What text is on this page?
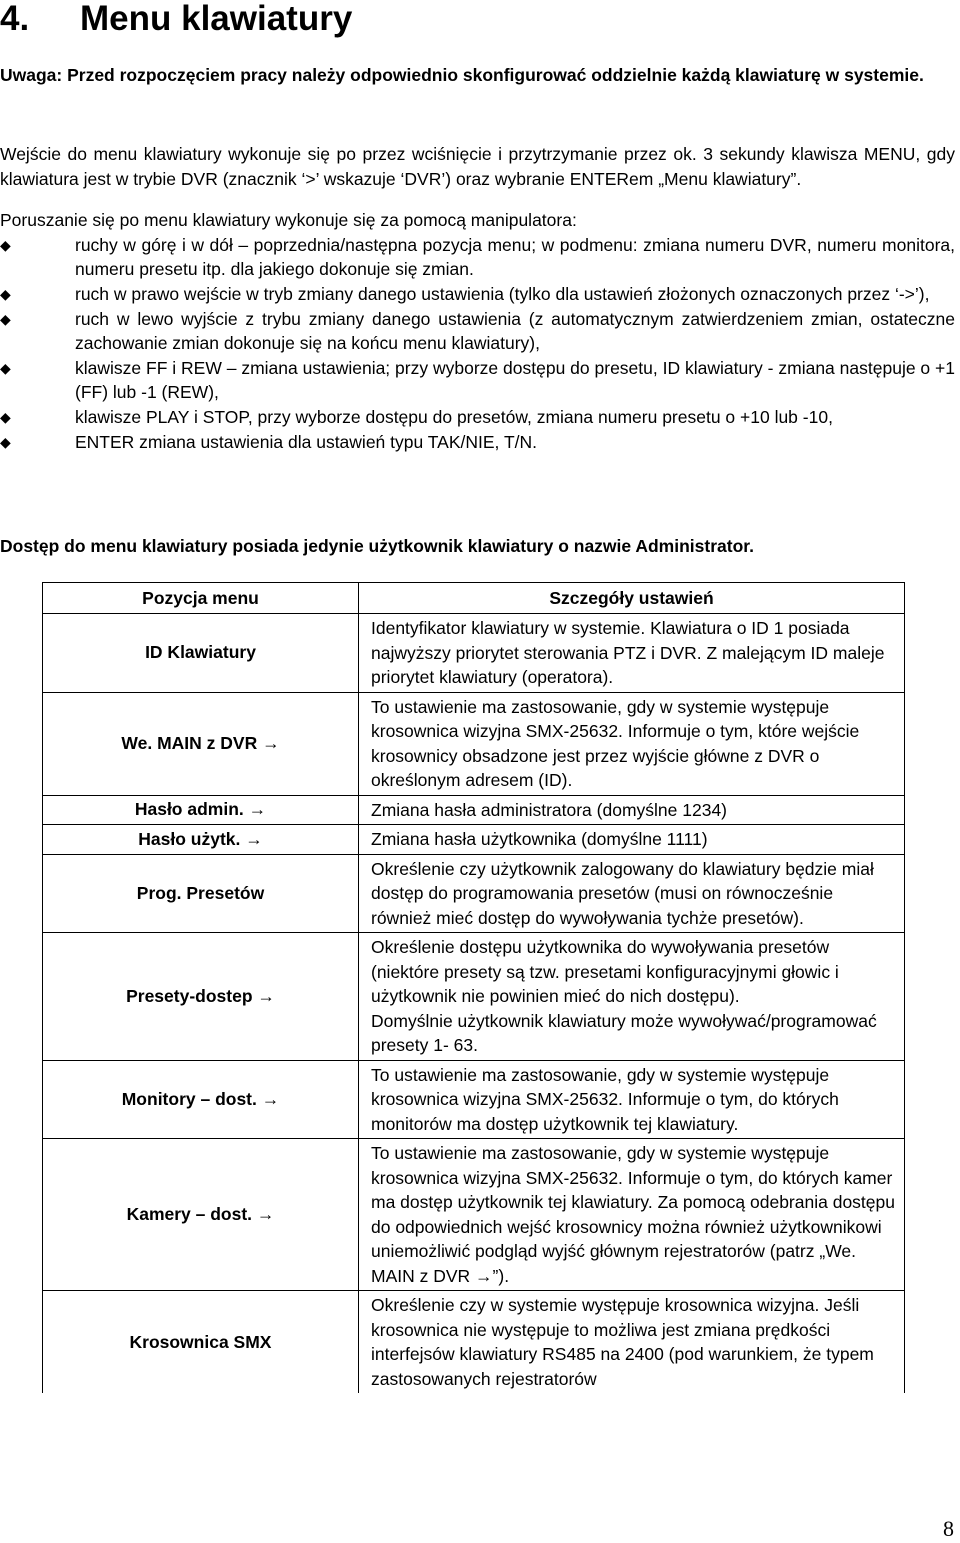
4. Menu klawiatury

Uwaga: Przed rozpoczęciem pracy należy odpowiednio skonfigurować oddzielnie każdą klawiaturę w systemie.

Wejście do menu klawiatury wykonuje się po przez wciśnięcie i przytrzymanie przez ok. 3 sekundy klawisza MENU, gdy klawiatura jest w trybie DVR (znacznik ‘>’ wskazuje ‘DVR’) oraz wybranie ENTERem „Menu klawiatury”.

Poruszanie się po menu klawiatury wykonuje się za pomocą manipulatora:

◆	ruchy w górę i w dół – poprzednia/następna pozycja menu; w podmenu: zmiana numeru DVR, numeru monitora, numeru presetu itp. dla jakiego dokonuje się zmian.
◆	ruch w prawo wejście w tryb zmiany danego ustawienia (tylko dla ustawień złożonych oznaczonych przez ‘->’),
◆	ruch w lewo wyjście z trybu zmiany danego ustawienia (z automatycznym zatwierdzeniem zmian, ostateczne zachowanie zmian dokonuje się na końcu menu klawiatury),
◆	klawisze FF i REW – zmiana ustawienia; przy wyborze dostępu do presetu, ID klawiatury - zmiana następuje o +1 (FF) lub -1 (REW),
◆	klawisze PLAY i STOP, przy wyborze dostępu do presetów, zmiana numeru presetu o +10 lub -10,
◆	ENTER zmiana ustawienia dla ustawień typu TAK/NIE, T/N.

Dostęp do menu klawiatury posiada jedynie użytkownik klawiatury o nazwie Administrator.

Pozycja menu	Szczegóły ustawień
ID Klawiatury	Identyfikator klawiatury w systemie. Klawiatura o ID 1 posiada najwyższy priorytet sterowania PTZ i DVR. Z malejącym ID maleje priorytet klawiatury (operatora).
We. MAIN z DVR →	To ustawienie ma zastosowanie, gdy w systemie występuje krosownica wizyjna SMX-25632. Informuje o tym, które wejście krosownicy obsadzone jest przez wyjście główne z DVR o określonym adresem (ID).
Hasło admin. →	Zmiana hasła administratora (domyślne 1234)
Hasło użytk. →	Zmiana hasła użytkownika (domyślne 1111)
Prog. Presetów	Określenie czy użytkownik zalogowany do klawiatury będzie miał dostęp do programowania presetów (musi on równocześnie również mieć dostęp do wywoływania tychże presetów).
Presety-dostep →	Określenie dostępu użytkownika do wywoływania presetów (niektóre presety są tzw. presetami konfiguracyjnymi głowic i użytkownik nie powinien mieć do nich dostępu).
Domyślnie użytkownik klawiatury może wywoływać/programować presety 1- 63.

Monitory – dost. →	To ustawienie ma zastosowanie, gdy w systemie występuje krosownica wizyjna SMX-25632. Informuje o tym, do których monitorów ma dostęp użytkownik tej klawiatury.
Kamery – dost. →	To ustawienie ma zastosowanie, gdy w systemie występuje krosownica wizyjna SMX-25632. Informuje o tym, do których kamer ma dostęp użytkownik tej klawiatury. Za pomocą odebrania dostępu do odpowiednich wejść krosownicy można również użytkownikowi uniemożliwić podgląd wyjść głównym rejestratorów (patrz „We. MAIN z DVR →”).
Krosownica SMX	Określenie czy w systemie występuje krosownica wizyjna. Jeśli krosownica nie występuje to możliwa jest zmiana prędkości interfejsów klawiatury RS485 na 2400 (pod warunkiem, że typem zastosowanych rejestratorów
8
